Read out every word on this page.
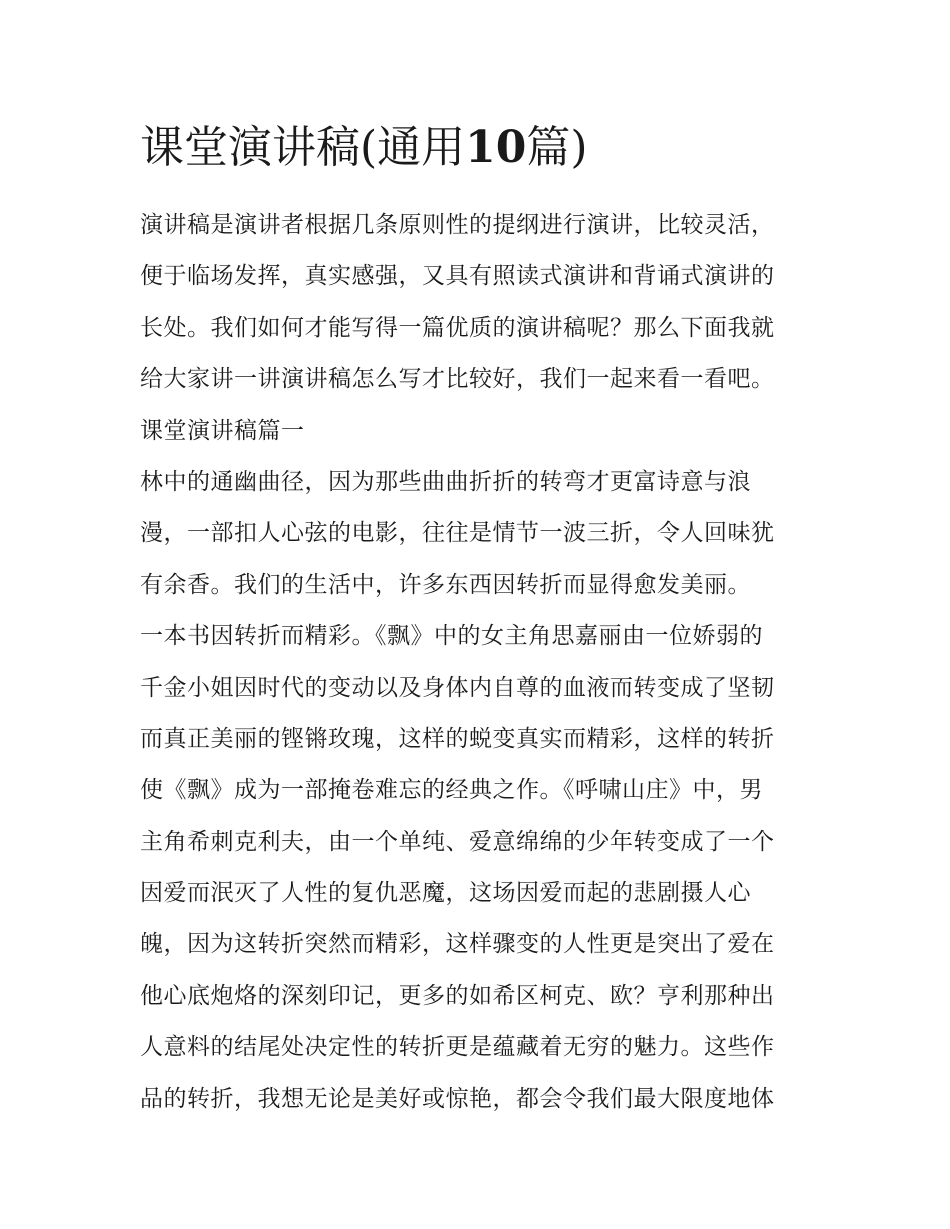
课堂演讲稿(通用10篇)
演讲稿是演讲者根据几条原则性的提纲进行演讲，比较灵活，
便于临场发挥，真实感强，又具有照读式演讲和背诵式演讲的
长处。我们如何才能写得一篇优质的演讲稿呢？那么下面我就
给大家讲一讲演讲稿怎么写才比较好，我们一起来看一看吧。
课堂演讲稿篇一
林中的通幽曲径，因为那些曲曲折折的转弯才更富诗意与浪
漫，一部扣人心弦的电影，往往是情节一波三折，令人回味犹
有余香。我们的生活中，许多东西因转折而显得愈发美丽。
一本书因转折而精彩。《飘》中的女主角思嘉丽由一位娇弱的
千金小姐因时代的变动以及身体内自尊的血液而转变成了坚韧
而真正美丽的铿锵玫瑰，这样的蜕变真实而精彩，这样的转折
使《飘》成为一部掩卷难忘的经典之作。《呼啸山庄》中，男
主角希刺克利夫，由一个单纯、爱意绵绵的少年转变成了一个
因爱而泯灭了人性的复仇恶魔，这场因爱而起的悲剧摄人心
魄，因为这转折突然而精彩，这样骤变的人性更是突出了爱在
他心底炮烙的深刻印记，更多的如希区柯克、欧？亨利那种出
人意料的结尾处决定性的转折更是蕴藏着无穷的魅力。这些作
品的转折，我想无论是美好或惊艳，都会令我们最大限度地体
